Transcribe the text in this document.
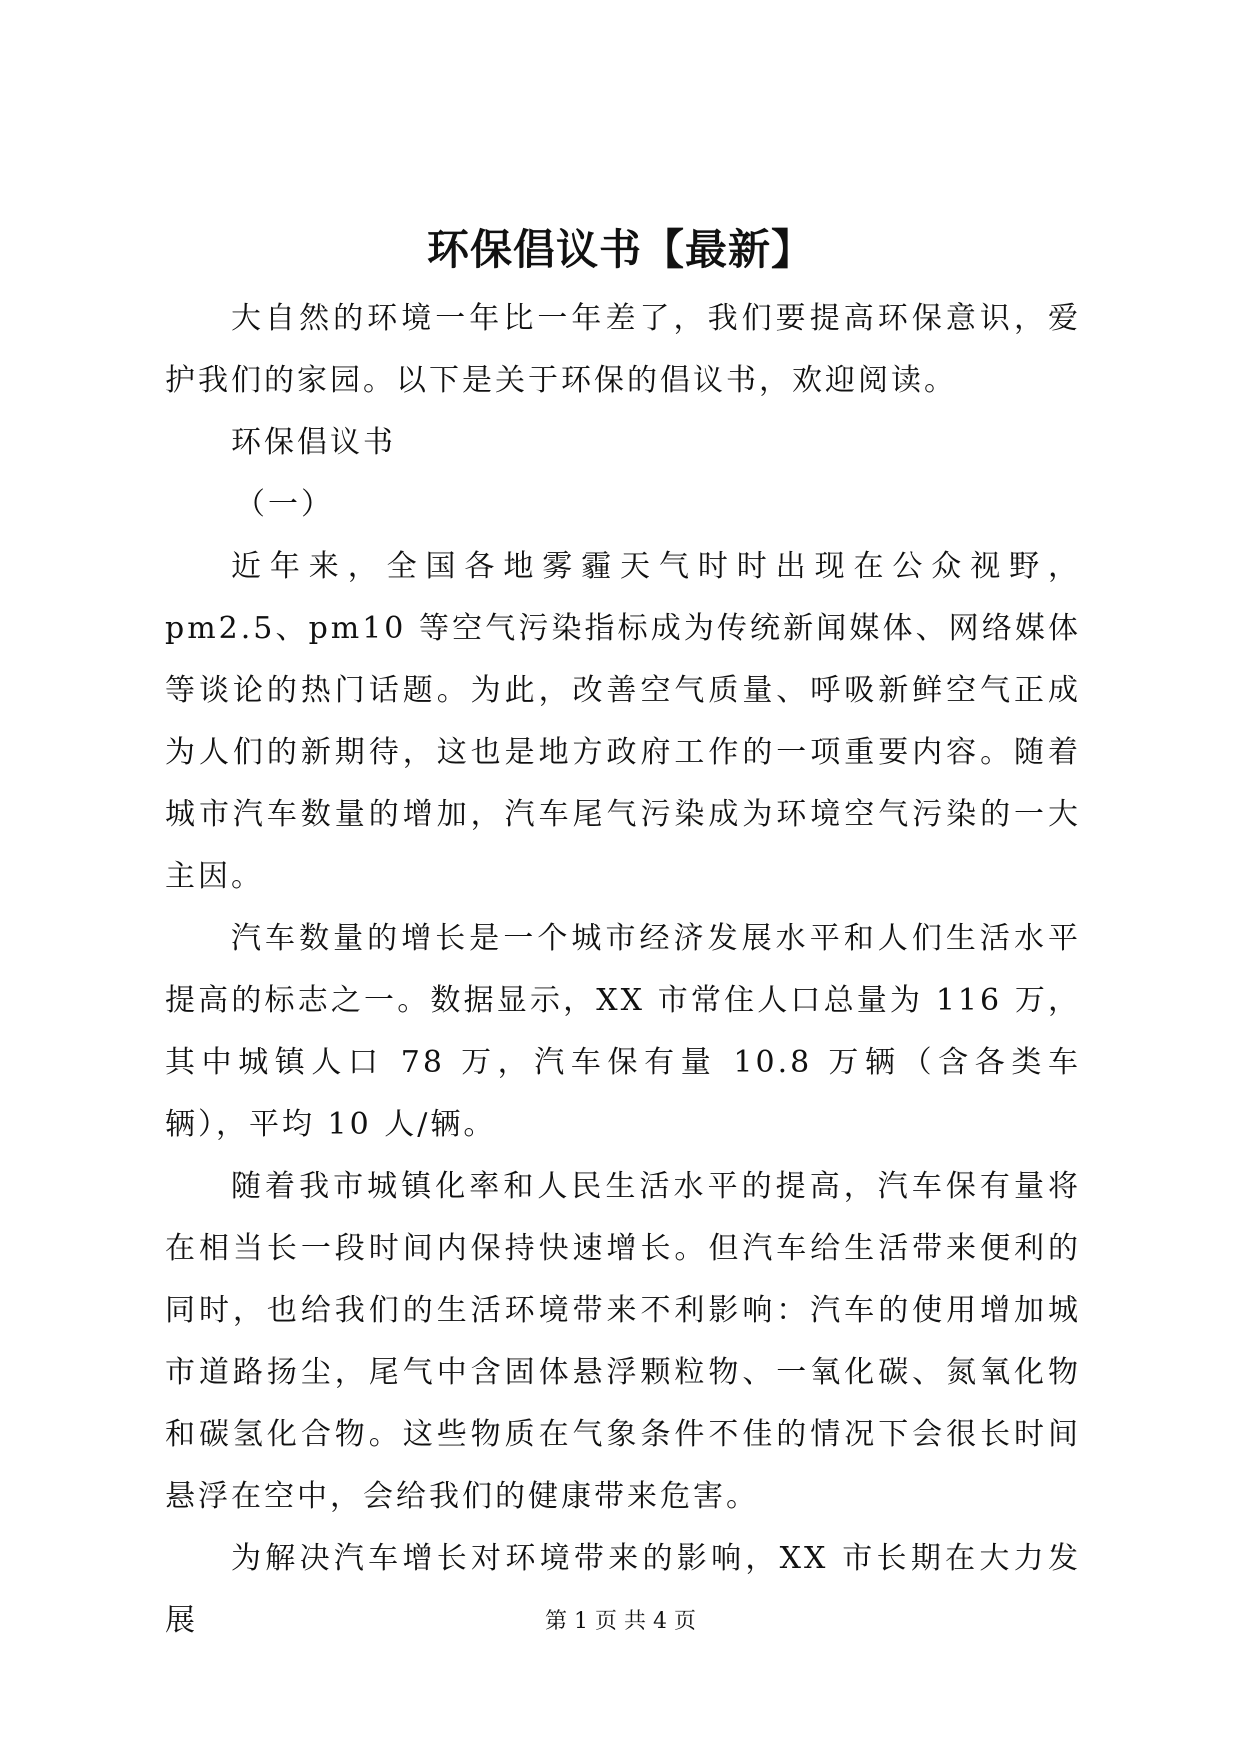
环保倡议书【最新】

大自然的环境一年比一年差了，我们要提高环保意识，爱护我们的家园。以下是关于环保的倡议书，欢迎阅读。

环保倡议书

（一）

近年来，全国各地雾霾天气时时出现在公众视野，pm2.5、pm10 等空气污染指标成为传统新闻媒体、网络媒体等谈论的热门话题。为此，改善空气质量、呼吸新鲜空气正成为人们的新期待，这也是地方政府工作的一项重要内容。随着城市汽车数量的增加，汽车尾气污染成为环境空气污染的一大主因。

汽车数量的增长是一个城市经济发展水平和人们生活水平提高的标志之一。数据显示，XX 市常住人口总量为 116 万，其中城镇人口 78 万，汽车保有量 10.8 万辆（含各类车辆），平均 10 人/辆。

随着我市城镇化率和人民生活水平的提高，汽车保有量将在相当长一段时间内保持快速增长。但汽车给生活带来便利的同时，也给我们的生活环境带来不利影响：汽车的使用增加城市道路扬尘，尾气中含固体悬浮颗粒物、一氧化碳、氮氧化物和碳氢化合物。这些物质在气象条件不佳的情况下会很长时间悬浮在空中，会给我们的健康带来危害。

为解决汽车增长对环境带来的影响，XX 市长期在大力发展	第 1 页 共 4 页
